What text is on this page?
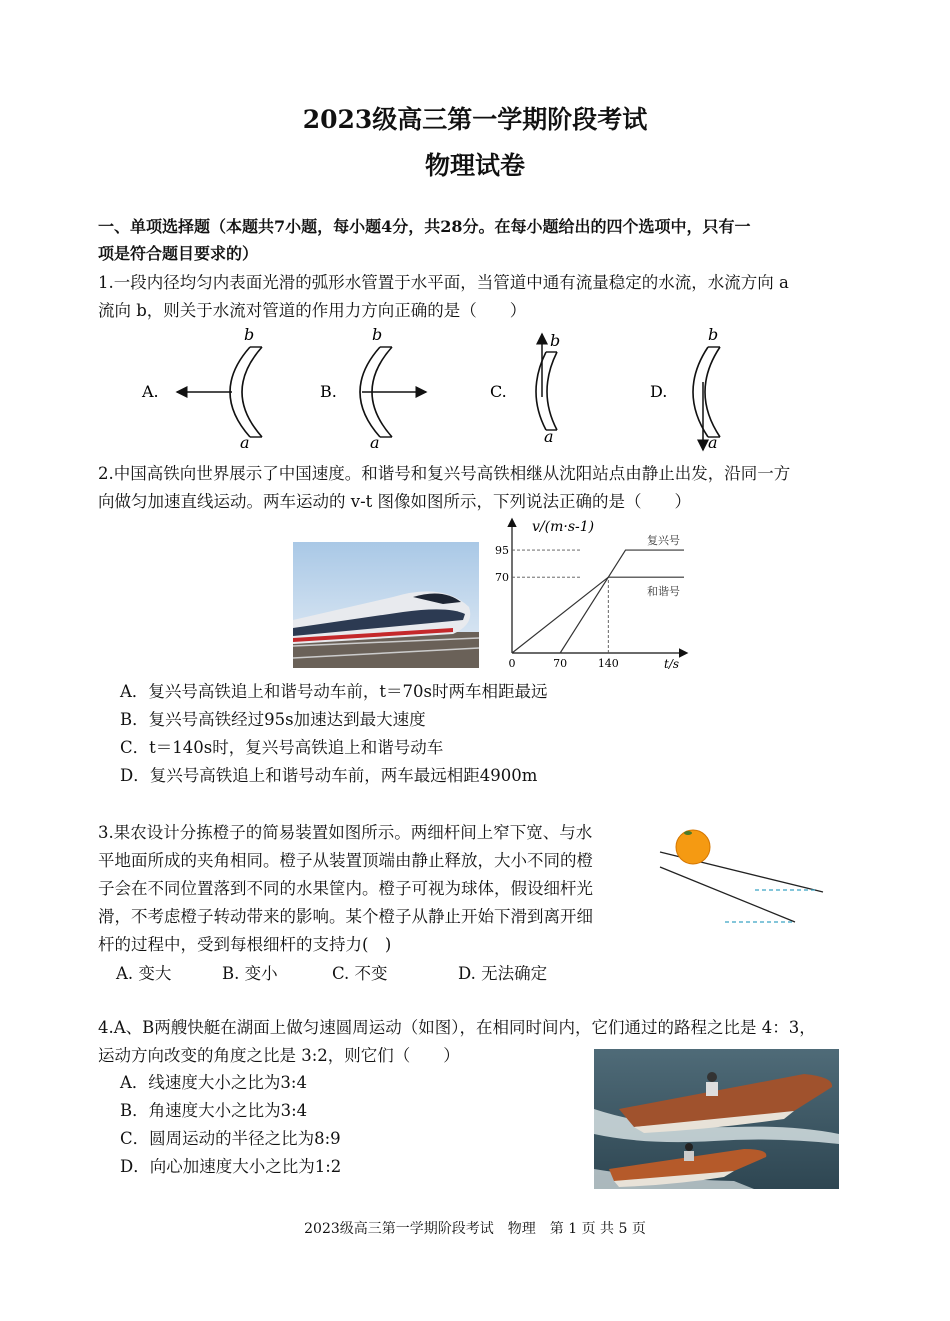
2023级高三第一学期阶段考试
物理试卷
一、单项选择题（本题共7小题，每小题4分，共28分。在每小题给出的四个选项中，只有一
项是符合题目要求的）
1.一段内径均匀内表面光滑的弧形水管置于水平面，当管道中通有流量稳定的水流，水流方向 a
流向 b，则关于水流对管道的作用力方向正确的是（　　）
A.
b
a
B.
b
a
C.
b
a
D.
b
a
2.中国高铁向世界展示了中国速度。和谐号和复兴号高铁相继从沈阳站点由静止出发，沿同一方
向做匀加速直线运动。两车运动的 v-t 图像如图所示，下列说法正确的是（　　）
v/(m·s-1)
t/s
70
95
0	70	140
复兴号
和谐号
A．复兴号高铁追上和谐号动车前，t＝70s时两车相距最远
B．复兴号高铁经过95s加速达到最大速度
C．t＝140s时，复兴号高铁追上和谐号动车
D．复兴号高铁追上和谐号动车前，两车最远相距4900m
3.果农设计分拣橙子的简易装置如图所示。两细杆间上窄下宽、与水
平地面所成的夹角相同。橙子从装置顶端由静止释放，大小不同的橙
子会在不同位置落到不同的水果筐内。橙子可视为球体，假设细杆光
滑，不考虑橙子转动带来的影响。某个橙子从静止开始下滑到离开细
杆的过程中，受到每根细杆的支持力(　)
A. 变大	B. 变小	C. 不变	D. 无法确定
4.A、B两艘快艇在湖面上做匀速圆周运动（如图），在相同时间内，它们通过的路程之比是 4：3，
运动方向改变的角度之比是 3:2，则它们（　　）
A．线速度大小之比为3:4
B．角速度大小之比为3:4
C．圆周运动的半径之比为8:9
D．向心加速度大小之比为1:2
2023级高三第一学期阶段考试　物理　第 1 页 共 5 页
